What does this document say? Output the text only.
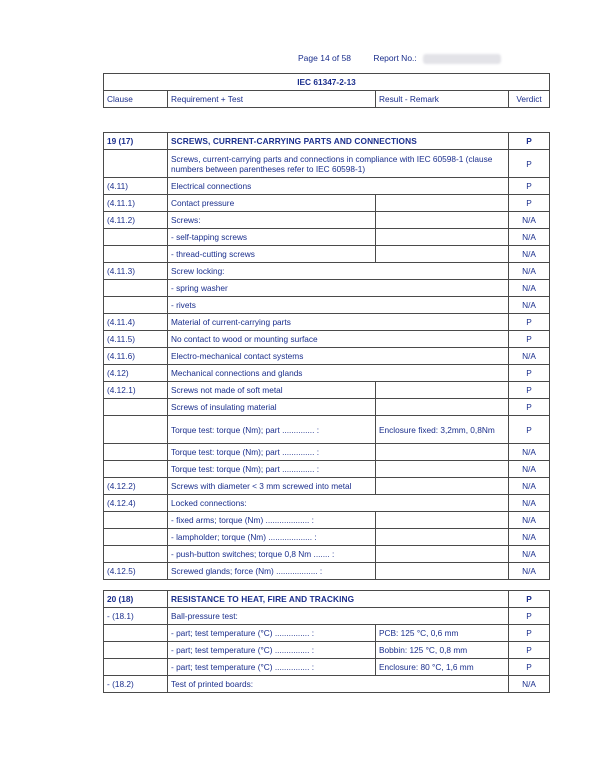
Page 14 of 58	Report No.:
IEC 61347-2-13
Clause	Requirement + Test	Result - Remark	Verdict
19 (17)	SCREWS, CURRENT-CARRYING PARTS AND CONNECTIONS		P
	Screws, current-carrying parts and connections in compliance with IEC 60598-1 (clause numbers between parentheses refer to IEC 60598-1)		P
(4.11)	Electrical connections		P
(4.11.1)	Contact pressure		P
(4.11.2)	Screws:		N/A
	- self-tapping screws		N/A
	- thread-cutting screws		N/A
(4.11.3)	Screw locking:		N/A
	- spring washer		N/A
	- rivets		N/A
(4.11.4)	Material of current-carrying parts		P
(4.11.5)	No contact to wood or mounting surface		P
(4.11.6)	Electro-mechanical contact systems		N/A
(4.12)	Mechanical connections and glands		P
(4.12.1)	Screws not made of soft metal		P
	Screws of insulating material		P
	Torque test: torque (Nm); part .............. :	Enclosure fixed: 3,2mm, 0,8Nm	P
	Torque test: torque (Nm); part .............. :		N/A
	Torque test: torque (Nm); part .............. :		N/A
(4.12.2)	Screws with diameter < 3 mm screwed into metal		N/A
(4.12.4)	Locked connections:		N/A
	- fixed arms; torque (Nm) ................... :		N/A
	- lampholder; torque (Nm) ................... :		N/A
	- push-button switches; torque 0,8 Nm ....... :		N/A
(4.12.5)	Screwed glands; force (Nm) .................. :		N/A
20 (18)	RESISTANCE TO HEAT, FIRE AND TRACKING		P
- (18.1)	Ball-pressure test:		P
	- part; test temperature (°C) ............... :	PCB: 125 °C, 0,6 mm	P
	- part; test temperature (°C) ............... :	Bobbin: 125 °C, 0,8 mm	P
	- part; test temperature (°C) ............... :	Enclosure: 80 °C, 1,6 mm	P
- (18.2)	Test of printed boards:		N/A
